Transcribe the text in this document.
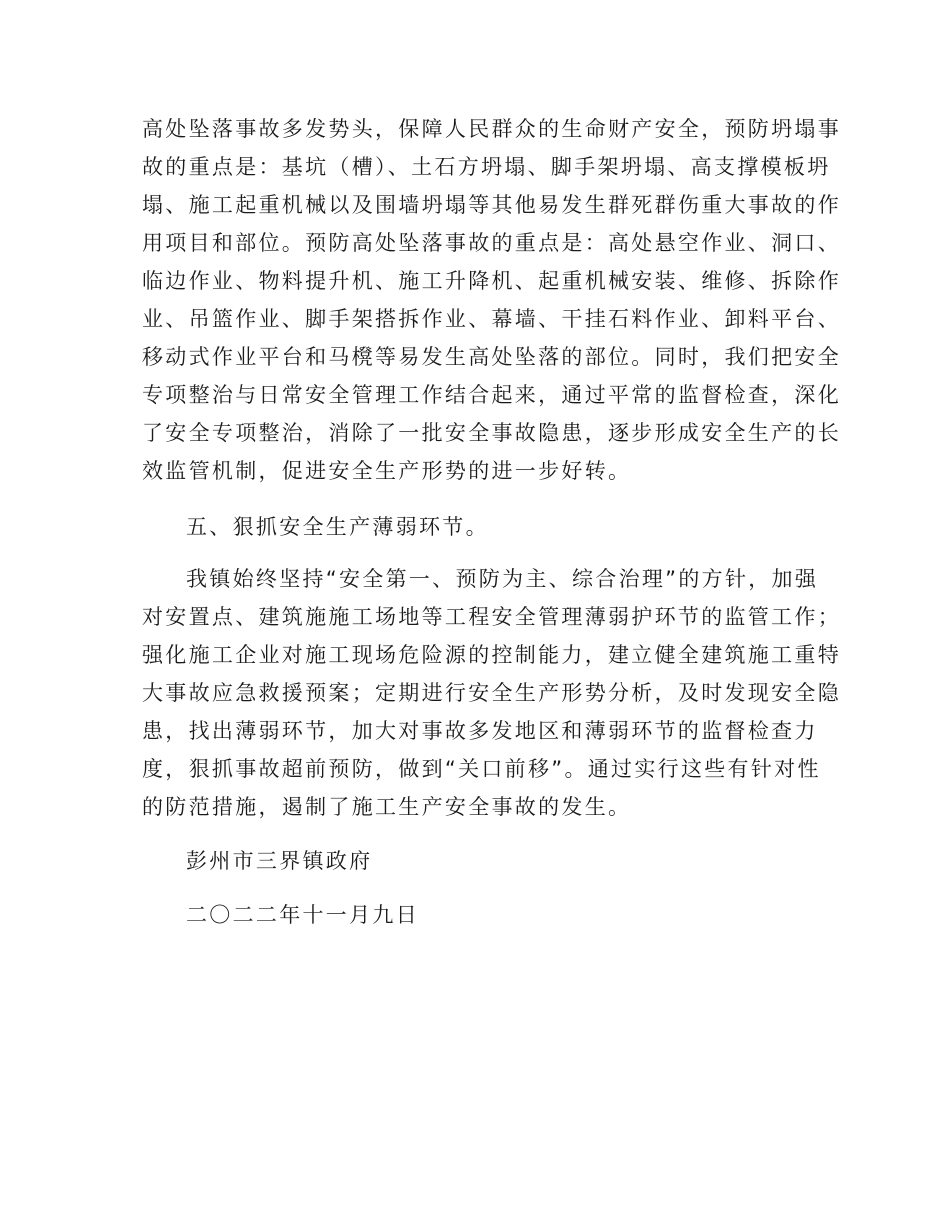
高处坠落事故多发势头，保障人民群众的生命财产安全，预防坍塌事
故的重点是：基坑（槽）、土石方坍塌、脚手架坍塌、高支撑模板坍
塌、施工起重机械以及围墙坍塌等其他易发生群死群伤重大事故的作
用项目和部位。预防高处坠落事故的重点是：高处悬空作业、洞口、
临边作业、物料提升机、施工升降机、起重机械安装、维修、拆除作
业、吊篮作业、脚手架搭拆作业、幕墙、干挂石料作业、卸料平台、
移动式作业平台和马櫈等易发生高处坠落的部位。同时，我们把安全
专项整治与日常安全管理工作结合起来，通过平常的监督检查，深化
了安全专项整治，消除了一批安全事故隐患，逐步形成安全生产的长
效监管机制，促进安全生产形势的进一步好转。
五、狠抓安全生产薄弱环节。
我镇始终坚持“安全第一、预防为主、综合治理”的方针，加强
对安置点、建筑施施工场地等工程安全管理薄弱护环节的监管工作；
强化施工企业对施工现场危险源的控制能力，建立健全建筑施工重特
大事故应急救援预案；定期进行安全生产形势分析，及时发现安全隐
患，找出薄弱环节，加大对事故多发地区和薄弱环节的监督检查力
度，狠抓事故超前预防，做到“关口前移”。通过实行这些有针对性
的防范措施，遏制了施工生产安全事故的发生。
彭州市三界镇政府
二〇二二年十一月九日
